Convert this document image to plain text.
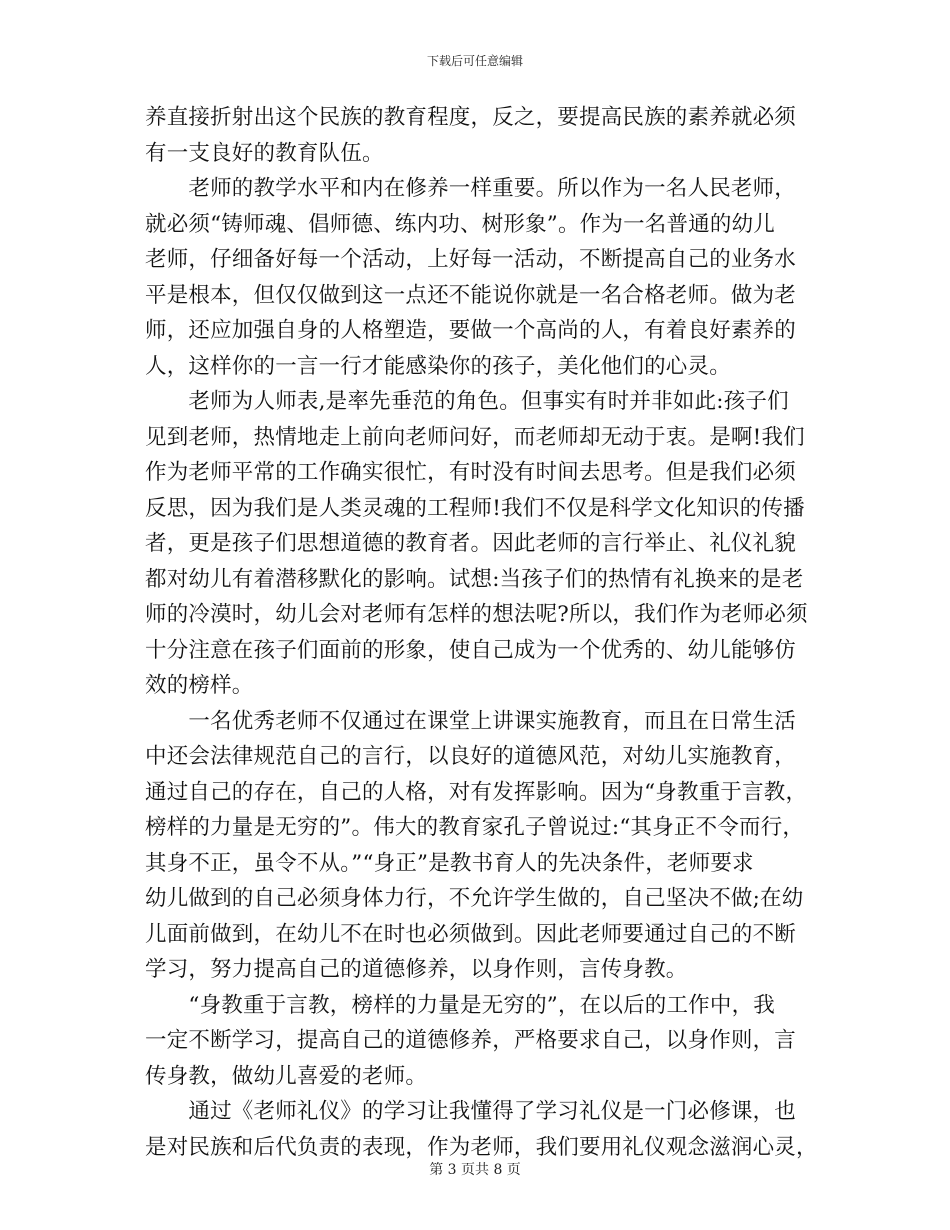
下载后可任意编辑
养直接折射出这个民族的教育程度，反之，要提高民族的素养就必须
有一支良好的教育队伍。
　　老师的教学水平和内在修养一样重要。所以作为一名人民老师，
就必须“铸师魂、倡师德、练内功、树形象”。作为一名普通的幼儿
老师，仔细备好每一个活动，上好每一活动，不断提高自己的业务水
平是根本，但仅仅做到这一点还不能说你就是一名合格老师。做为老
师，还应加强自身的人格塑造，要做一个高尚的人，有着良好素养的
人，这样你的一言一行才能感染你的孩子，美化他们的心灵。
　　老师为人师表,是率先垂范的角色。但事实有时并非如此:孩子们
见到老师，热情地走上前向老师问好，而老师却无动于衷。是啊!我们
作为老师平常的工作确实很忙，有时没有时间去思考。但是我们必须
反思，因为我们是人类灵魂的工程师!我们不仅是科学文化知识的传播
者，更是孩子们思想道德的教育者。因此老师的言行举止、礼仪礼貌
都对幼儿有着潜移默化的影响。试想:当孩子们的热情有礼换来的是老
师的冷漠时，幼儿会对老师有怎样的想法呢?所以，我们作为老师必须
十分注意在孩子们面前的形象，使自己成为一个优秀的、幼儿能够仿
效的榜样。
　　一名优秀老师不仅通过在课堂上讲课实施教育，而且在日常生活
中还会法律规范自己的言行，以良好的道德风范，对幼儿实施教育，
通过自己的存在，自己的人格，对有发挥影响。因为“身教重于言教，
榜样的力量是无穷的”。伟大的教育家孔子曾说过:“其身正不令而行，
其身不正，虽令不从。”“身正”是教书育人的先决条件，老师要求
幼儿做到的自己必须身体力行，不允许学生做的，自己坚决不做;在幼
儿面前做到，在幼儿不在时也必须做到。因此老师要通过自己的不断
学习，努力提高自己的道德修养，以身作则，言传身教。
　　“身教重于言教，榜样的力量是无穷的”，在以后的工作中，我
一定不断学习，提高自己的道德修养，严格要求自己，以身作则，言
传身教，做幼儿喜爱的老师。
　　通过《老师礼仪》的学习让我懂得了学习礼仪是一门必修课，也
是对民族和后代负责的表现，作为老师，我们要用礼仪观念滋润心灵，
第 3 页共 8 页
